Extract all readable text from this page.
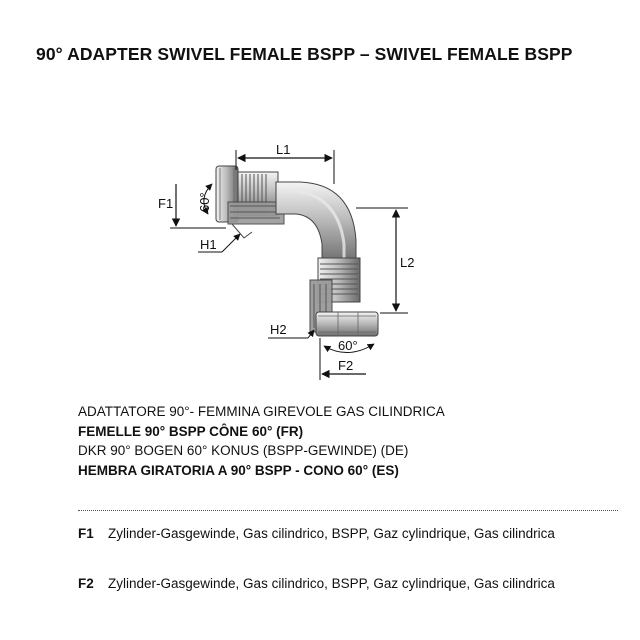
90° ADAPTER SWIVEL FEMALE BSPP – SWIVEL FEMALE BSPP
L1
L2
F1 60°
H1
H2
60°
F2
ADATTATORE 90°- FEMMINA GIREVOLE GAS CILINDRICA
FEMELLE 90° BSPP CÔNE 60° (FR)
DKR 90° BOGEN 60° KONUS (BSPP-GEWINDE) (DE)
HEMBRA GIRATORIA A 90° BSPP - CONO 60° (ES)
F1	Zylinder-Gasgewinde, Gas cilindrico, BSPP, Gaz cylindrique, Gas cilindrica
F2	Zylinder-Gasgewinde, Gas cilindrico, BSPP, Gaz cylindrique, Gas cilindrica
